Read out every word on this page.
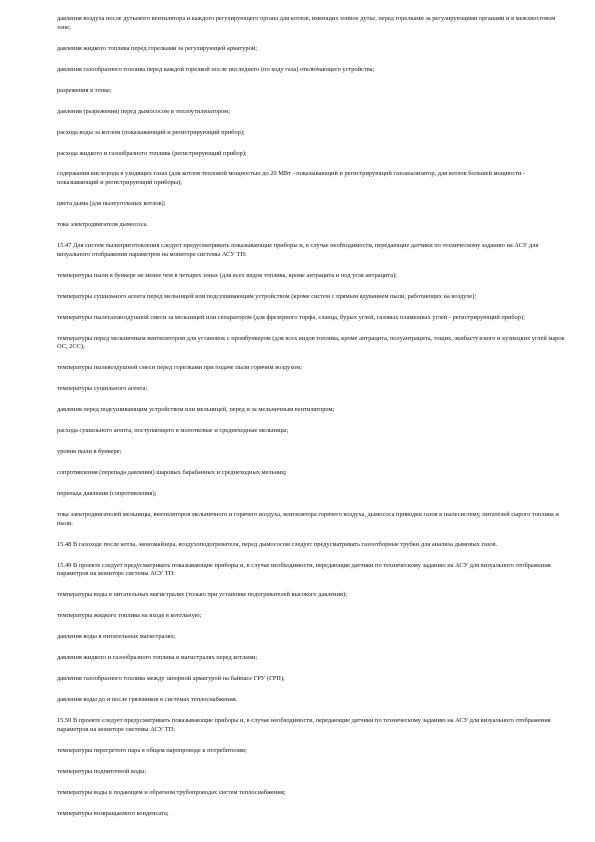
давления воздуха после дутьевого вентилятора и каждого регулирующего органа для котлов, имеющих зонное дутье, перед горелками за регулирующими органами и в межхвостовом зоне;

давления жидкого топлива перед горелками за регулирующей арматурой;

давления газообразного топлива перед каждой горелкой после последнего (по ходу газа) отключающего устройства;

разрежения в топке;

давления (разрежения) перед дымососом и теплоутилизатором;

расхода воды за котлом (показывающий и регистрирующий прибор);

расхода жидкого и газообразного топлива (регистрирующий прибор);

содержания кислорода в уходящих газах (для котлов тепловой мощностью до 20 МВт - показывающий и регистрирующий газоанализатор, для котлов большей мощности - показывающий и регистрирующий приборы);

цвета дыма (для пылеугольных котлов);

тока электродвигателя дымососа.

15.47 Для систем пылеприготовления следует предусматривать показывающие приборы и, в случае необходимости, передающие датчики по техническому заданию на АСУ для визуального отображения параметров на мониторе системы АСУ ТП:

температуры пыли в бункере не менее чем в четырех зонах (для всех видов топлива, кроме антрацита и под угля антрацита);

температуры сушильного агента перед мельницей или подсушивающим устройством (кроме систем с прямым вдуванием пыли, работающих на воздухе);

температуры пылегазовоздушной смеси за мельницей или сепаратором (для фрезерного торфа, сланца, бурых углей, газовых пламенных углей - регистрирующий прибор);

температуры перед мельничным вентилятором для установок с промбункером (для всех видов топлива, кроме антрацита, полуантрацита, тощих, экибастузского и кузнецких углей марок ОС, 2СС);

температуры пылевоздушной смеси перед горелками при подаче пыли горячим воздухом;

температуры сушильного агента;

давления перед подсушивающим устройством или мельницей, перед и за мельничным вентилятором;

расхода сушильного агента, поступающего в молотковые и среднеходные мельницы;

уровня пыли в бункере;

сопротивления (перепада давления) шаровых барабанных и среднеходных мельниц;

перепада давления (сопротивления);

тока электродвигателей мельницы, вентиляторов мельничного и горячего воздуха, вентилятора горячего воздуха, дымососа приводки газов в пылесистему, питателей сырого топлива и пыли.

15.48 В газоходе после котла, экономайзера, воздухоподогревателя, перед дымососом следует предусматривать газоотборные трубки для анализа дымовых газов.

15.49 В проекте следует предусматривать показывающие приборы и, в случае необходимости, передающие датчики по техническому заданию на АСУ для визуального отображения параметров на мониторе системы АСУ ТП:

температуры воды в питательных магистралях (только при установке подогревателей высокого давления);

температуры жидкого топлива на входе в котельную;

давления воды в питательных магистралях;

давления жидкого и газообразного топлива в магистралях перед котлами;

давления газообразного топлива между запорной арматурой на байпасе ГРУ (ГРП);

давления воды до и после грязевиков в системах теплоснабжения.

15.50 В проекте следует предусматривать показывающие приборы и, в случае необходимости, передающие датчики по техническому заданию на АСУ для визуального отображения параметров на мониторе системы АСУ ТП:

температуры перегретого пара в общем паропроводе к потребителям;

температуры подпиточной воды;

температуры воды в подающем и обратном трубопроводах систем теплоснабжения;

температуры возвращаемого конденсата;
